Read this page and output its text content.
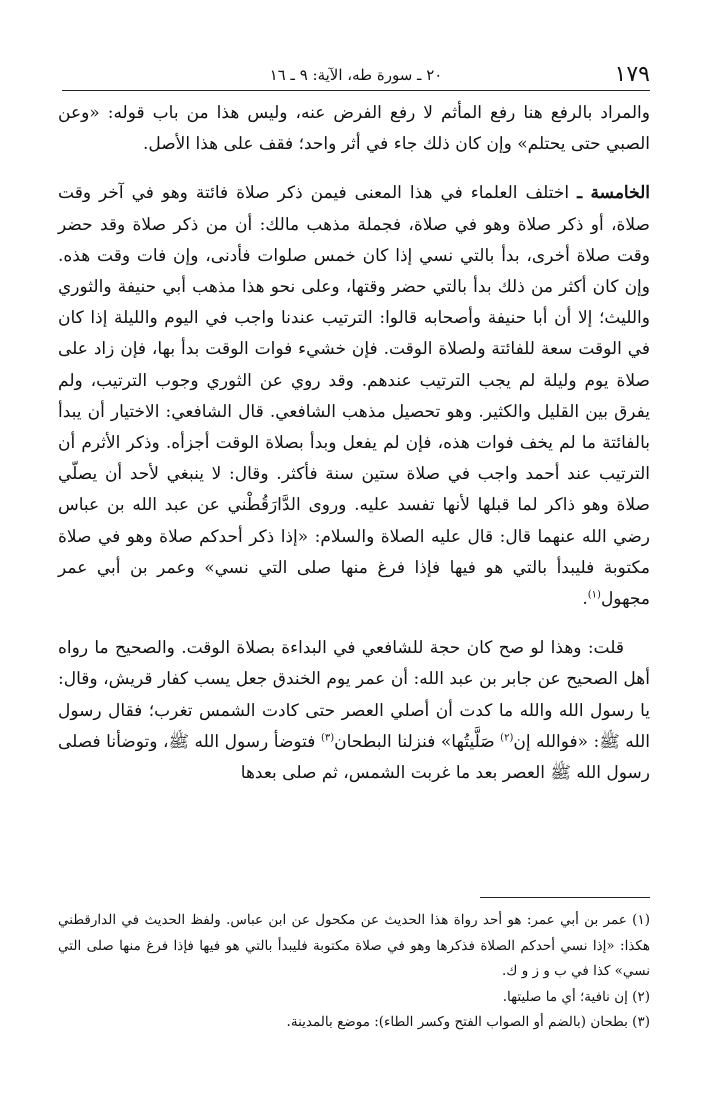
٢٠ ـ سورة طه، الآية: ٩ ـ ١٦	١٧٩

والمراد بالرفع هنا رفع المأثم لا رفع الفرض عنه، وليس هذا من باب قوله: «وعن الصبي حتى يحتلم» وإن كان ذلك جاء في أثر واحد؛ فقف على هذا الأصل.

الخامسة ـ اختلف العلماء في هذا المعنى فيمن ذكر صلاة فائتة وهو في آخر وقت صلاة، أو ذكر صلاة وهو في صلاة، فجملة مذهب مالك: أن من ذكر صلاة وقد حضر وقت صلاة أخرى، بدأ بالتي نسي إذا كان خمس صلوات فأدنى، وإن فات وقت هذه. وإن كان أكثر من ذلك بدأ بالتي حضر وقتها، وعلى نحو هذا مذهب أبي حنيفة والثوري والليث؛ إلا أن أبا حنيفة وأصحابه قالوا: الترتيب عندنا واجب في اليوم والليلة إذا كان في الوقت سعة للفائتة ولصلاة الوقت. فإن خشيء فوات الوقت بدأ بها، فإن زاد على صلاة يوم وليلة لم يجب الترتيب عندهم. وقد روي عن الثوري وجوب الترتيب، ولم يفرق بين القليل والكثير. وهو تحصيل مذهب الشافعي. قال الشافعي: الاختيار أن يبدأ بالفائتة ما لم يخف فوات هذه، فإن لم يفعل وبدأ بصلاة الوقت أجزأه. وذكر الأثرم أن الترتيب عند أحمد واجب في صلاة ستين سنة فأكثر. وقال: لا ينبغي لأحد أن يصلّي صلاة وهو ذاكر لما قبلها لأنها تفسد عليه. وروى الدَّارَقُطْني عن عبد الله بن عباس رضي الله عنهما قال: قال عليه الصلاة والسلام: «إذا ذكر أحدكم صلاة وهو في صلاة مكتوبة فليبدأ بالتي هو فيها فإذا فرغ منها صلى التي نسي» وعمر بن أبي عمر مجهول$^{(١)}$.

قلت: وهذا لو صح كان حجة للشافعي في البداءة بصلاة الوقت. والصحيح ما رواه أهل الصحيح عن جابر بن عبد الله: أن عمر يوم الخندق جعل يسب كفار قريش، وقال: يا رسول الله والله ما كدت أن أصلي العصر حتى كادت الشمس تغرب؛ فقال رسول الله ﷺ: «فوالله إن$^{(٢)}$ صَلَّيتُها» فنزلنا البطحان$^{(٣)}$ فتوضأ رسول الله ﷺ، وتوضأنا فصلى رسول الله ﷺ العصر بعد ما غربت الشمس، ثم صلى بعدها

(١) عمر بن أبي عمر: هو أحد رواة هذا الحديث عن مكحول عن ابن عباس. ولفظ الحديث في الدارقطني هكذا: «إذا نسي أحدكم الصلاة فذكرها وهو في صلاة مكتوبة فليبدأ بالتي هو فيها فإذا فرغ منها صلى التي نسي» كذا في ب و ز و ك.

(٢) إن نافية؛ أي ما صليتها.

(٣) بطحان (بالضم أو الصواب الفتح وكسر الطاء): موضع بالمدينة.
